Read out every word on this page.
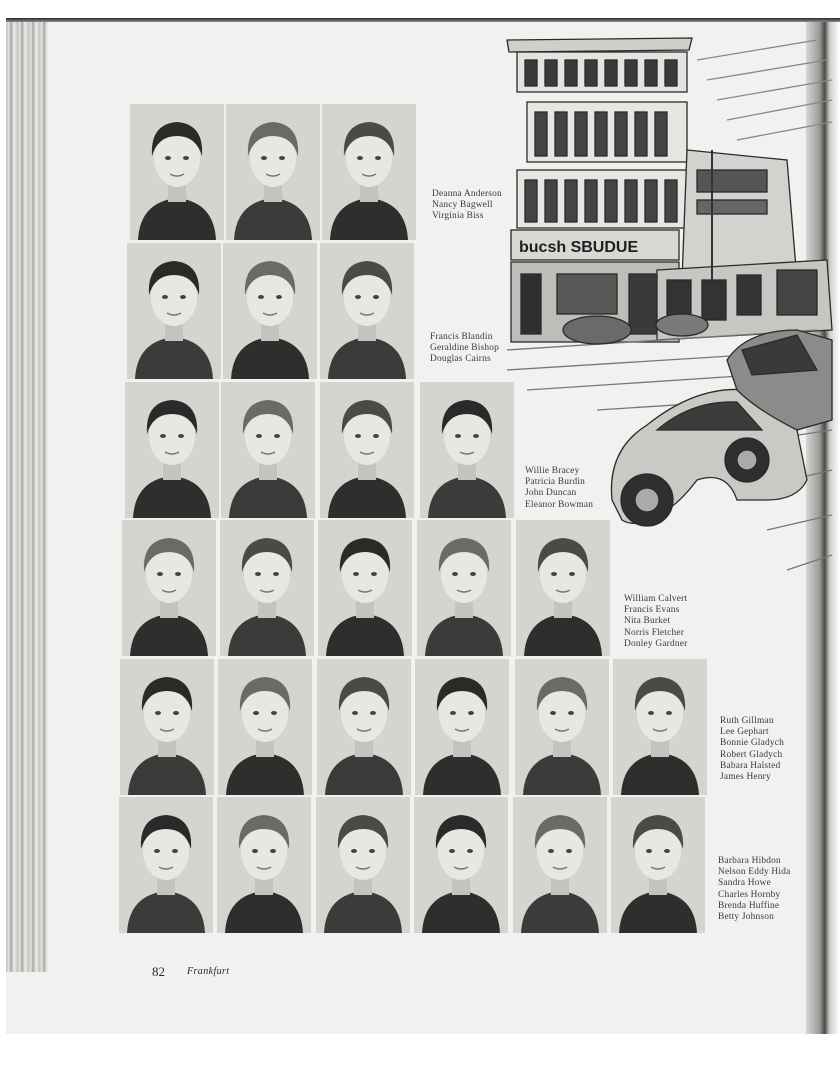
bucsh SBUDUE
Deanna Anderson
Nancy Bagwell
Virginia Biss
Francis Blandin
Geraldine Bishop
Douglas Cairns
Willie Bracey
Patricia Burdin
John Duncan
Eleanor Bowman
William Calvert
Francis Evans
Nita Burket
Norris Fletcher
Donley Gardner
Ruth Gillman
Lee Gephart
Bonnie Gladych
Robert Gladych
Babara Halsted
James Henry
Barbara Hibdon
Nelson Eddy Hida
Sandra Howe
Charles Hornby
Brenda Huffine
Betty Johnson
82 Frankfurt
